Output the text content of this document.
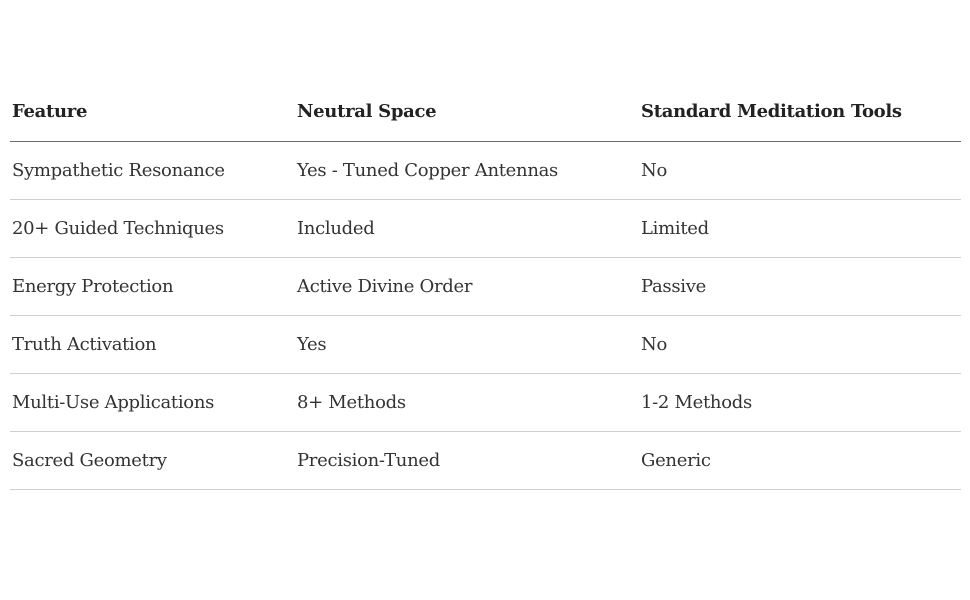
Feature	Neutral Space	Standard Meditation Tools
Sympathetic Resonance	Yes - Tuned Copper Antennas	No
20+ Guided Techniques	Included	Limited
Energy Protection	Active Divine Order	Passive
Truth Activation	Yes	No
Multi-Use Applications	8+ Methods	1-2 Methods
Sacred Geometry	Precision-Tuned	Generic
